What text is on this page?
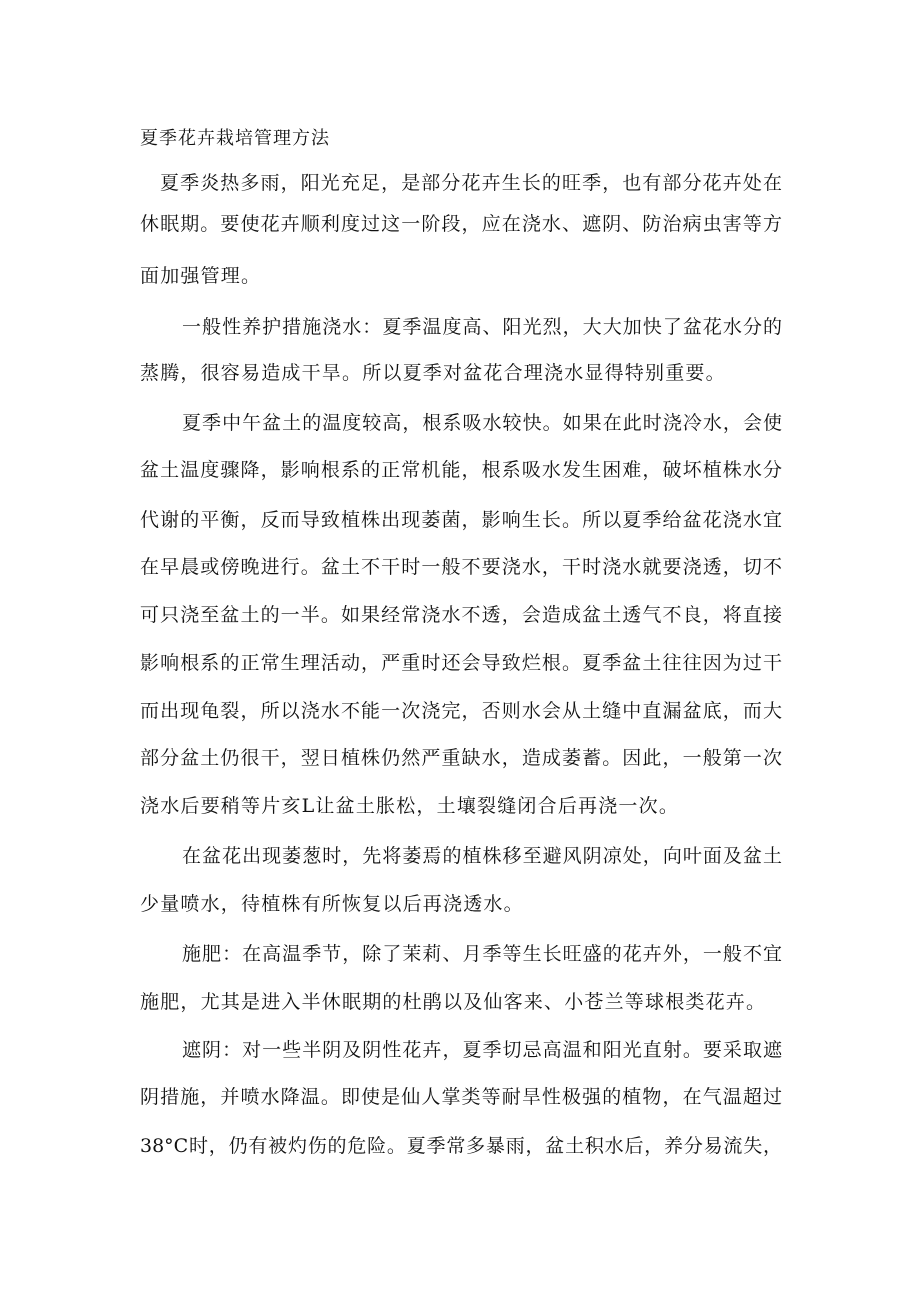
夏季花卉栽培管理方法
夏季炎热多雨，阳光充足，是部分花卉生长的旺季，也有部分花卉处在
休眠期。要使花卉顺利度过这一阶段，应在浇水、遮阴、防治病虫害等方
面加强管理。
一般性养护措施浇水：夏季温度高、阳光烈，大大加快了盆花水分的
蒸腾，很容易造成干旱。所以夏季对盆花合理浇水显得特别重要。
夏季中午盆土的温度较高，根系吸水较快。如果在此时浇冷水，会使
盆土温度骤降，影响根系的正常机能，根系吸水发生困难，破坏植株水分
代谢的平衡，反而导致植株出现萎菌，影响生长。所以夏季给盆花浇水宜
在早晨或傍晚进行。盆土不干时一般不要浇水，干时浇水就要浇透，切不
可只浇至盆土的一半。如果经常浇水不透，会造成盆土透气不良，将直接
影响根系的正常生理活动，严重时还会导致烂根。夏季盆土往往因为过干
而出现龟裂，所以浇水不能一次浇完，否则水会从土缝中直漏盆底，而大
部分盆土仍很干，翌日植株仍然严重缺水，造成萎蓄。因此，一般第一次
浇水后要稍等片亥L让盆土胀松，土壤裂缝闭合后再浇一次。
在盆花出现萎葱时，先将萎焉的植株移至避风阴凉处，向叶面及盆土
少量喷水，待植株有所恢复以后再浇透水。
施肥：在高温季节，除了茉莉、月季等生长旺盛的花卉外，一般不宜
施肥，尤其是进入半休眠期的杜鹃以及仙客来、小苍兰等球根类花卉。
遮阴：对一些半阴及阴性花卉，夏季切忌高温和阳光直射。要采取遮
阴措施，并喷水降温。即使是仙人掌类等耐旱性极强的植物，在气温超过
38°C时，仍有被灼伤的危险。夏季常多暴雨，盆土积水后，养分易流失，
